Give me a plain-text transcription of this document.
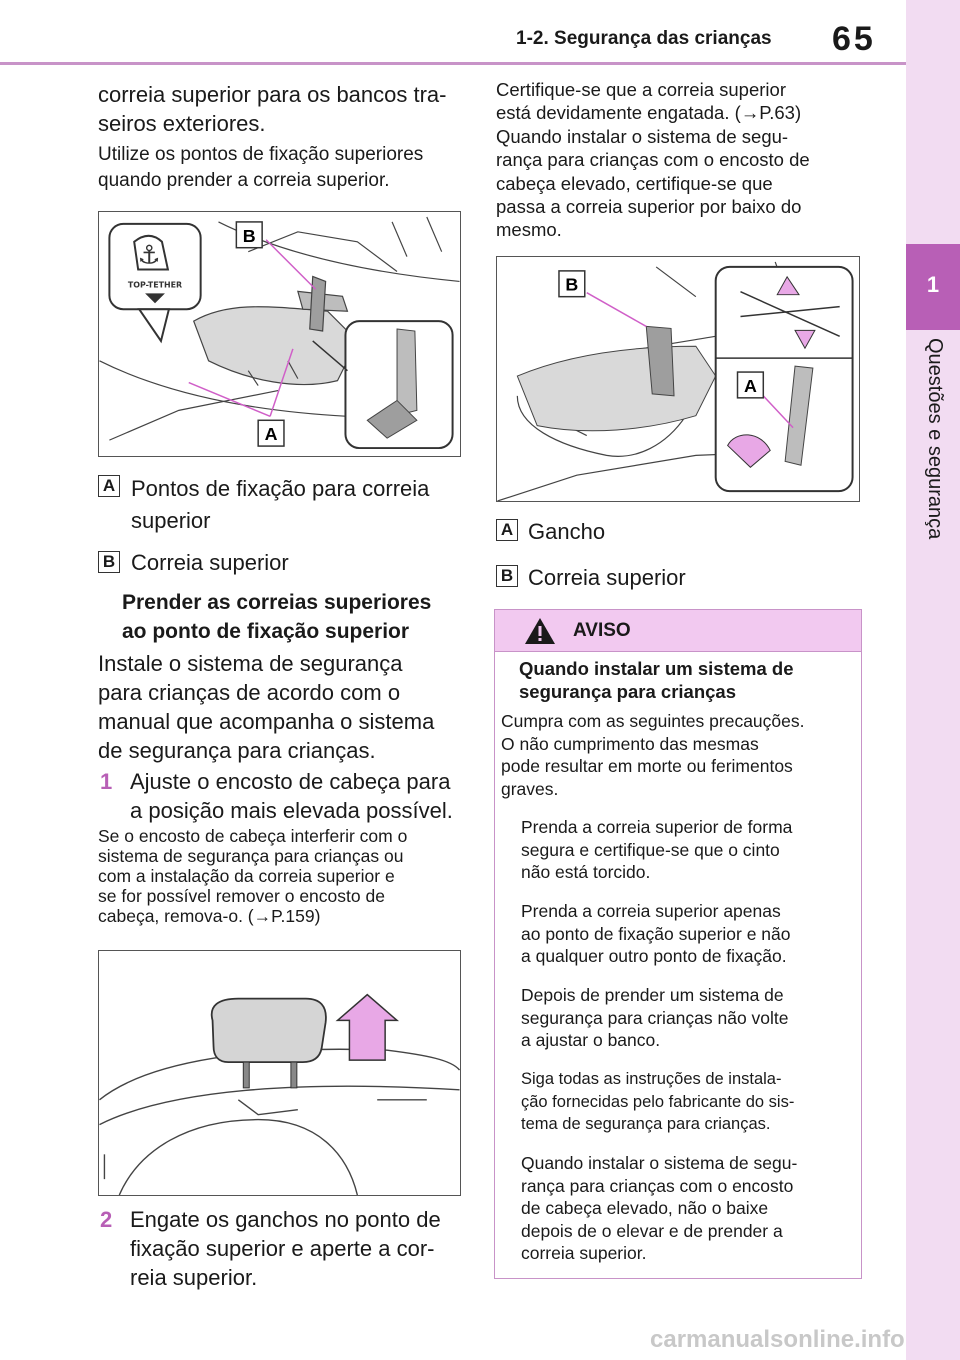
1-2. Segurança das crianças 65
1
Questões e segurança
correia superior para os bancos tra-
seiros exteriores.
Utilize os pontos de fixação superiores
quando prender a correia superior.
⚓
TOP-TETHER
B
A
A Pontos de fixação para correia
superior
B Correia superior
Prender as correias superiores
ao ponto de fixação superior
Instale o sistema de segurança
para crianças de acordo com o
manual que acompanha o sistema
de segurança para crianças.
1 Ajuste o encosto de cabeça para
a posição mais elevada possível.
Se o encosto de cabeça interferir com o
sistema de segurança para crianças ou
com a instalação da correia superior e
se for possível remover o encosto de
cabeça, remova-o. (→P.159)
2 Engate os ganchos no ponto de
fixação superior e aperte a cor-
reia superior.
Certifique-se que a correia superior
está devidamente engatada. (→P.63)
Quando instalar o sistema de segu-
rança para crianças com o encosto de
cabeça elevado, certifique-se que
passa a correia superior por baixo do
mesmo.
B
A
A Gancho
B Correia superior
AVISO
Quando instalar um sistema de
segurança para crianças
Cumpra com as seguintes precauções.
O não cumprimento das mesmas
pode resultar em morte ou ferimentos
graves.
Prenda a correia superior de forma
segura e certifique-se que o cinto
não está torcido.
Prenda a correia superior apenas
ao ponto de fixação superior e não
a qualquer outro ponto de fixação.
Depois de prender um sistema de
segurança para crianças não volte
a ajustar o banco.
Siga todas as instruções de instala-
ção fornecidas pelo fabricante do sis-
tema de segurança para crianças.
Quando instalar o sistema de segu-
rança para crianças com o encosto
de cabeça elevado, não o baixe
depois de o elevar e de prender a
correia superior.
carmanualsonline.info
